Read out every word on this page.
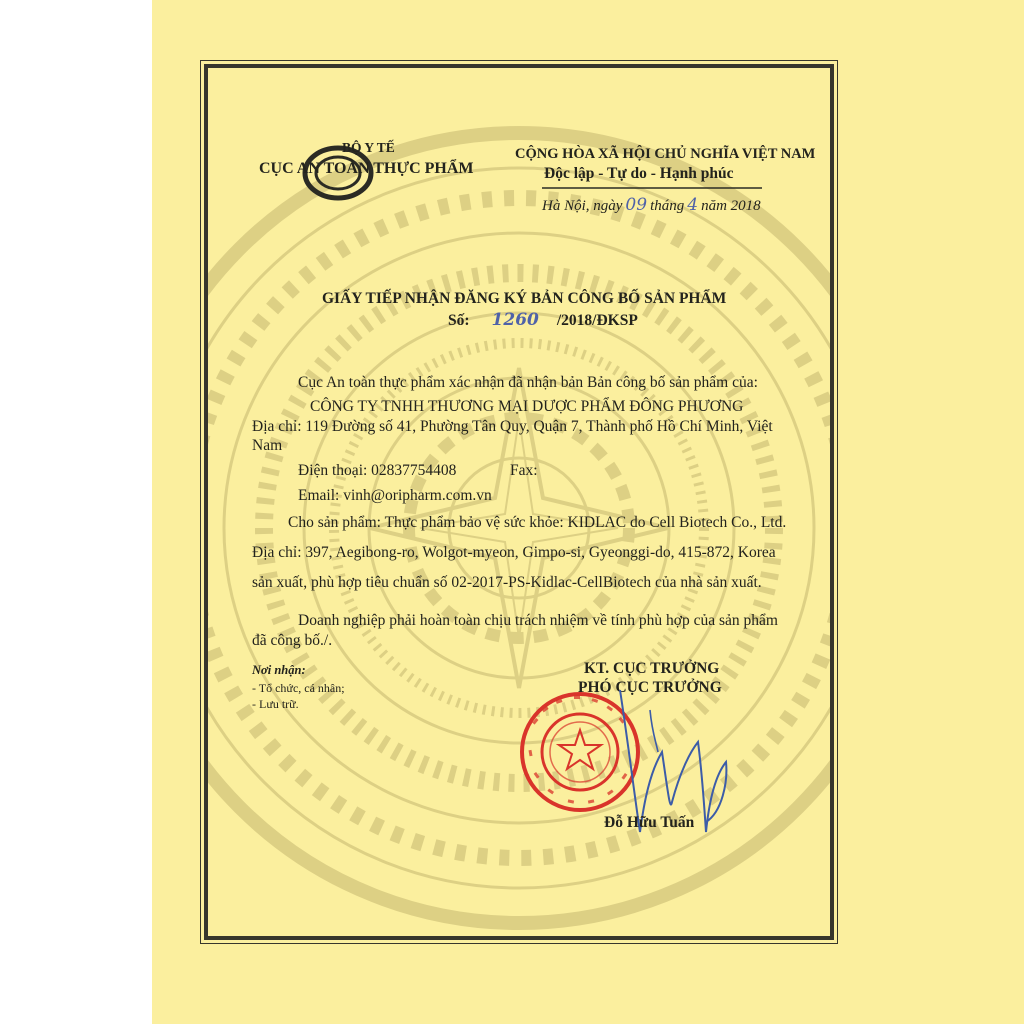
BỘ Y TẾ
CỤC AN TOÀN THỰC PHẨM
CỘNG HÒA XÃ HỘI CHỦ NGHĨA VIỆT NAM
Độc lập - Tự do - Hạnh phúc
Hà Nội, ngày 09 tháng 4 năm 2018
GIẤY TIẾP NHẬN ĐĂNG KÝ BẢN CÔNG BỐ SẢN PHẨM
Số: 1260 /2018/ĐKSP
Cục An toàn thực phẩm xác nhận đã nhận bản Bản công bố sản phẩm của:
CÔNG TY TNHH THƯƠNG MẠI DƯỢC PHẨM ĐÔNG PHƯƠNG
Địa chỉ: 119 Đường số 41, Phường Tân Quy, Quận 7, Thành phố Hồ Chí Minh, Việt
Nam
Điện thoại: 02837754408	Fax:
Email: vinh@oripharm.com.vn
Cho sản phẩm: Thực phẩm bảo vệ sức khỏe: KIDLAC do Cell Biotech Co., Ltd.
Địa chỉ: 397, Aegibong-ro, Wolgot-myeon, Gimpo-si, Gyeonggi-do, 415-872, Korea
sản xuất, phù hợp tiêu chuẩn số 02-2017-PS-Kidlac-CellBiotech của nhà sản xuất.
Doanh nghiệp phải hoàn toàn chịu trách nhiệm về tính phù hợp của sản phẩm
đã công bố./.
Nơi nhận:
- Tổ chức, cá nhân;
- Lưu trữ.
KT. CỤC TRƯỞNG
PHÓ CỤC TRƯỞNG
Đỗ Hữu Tuấn
